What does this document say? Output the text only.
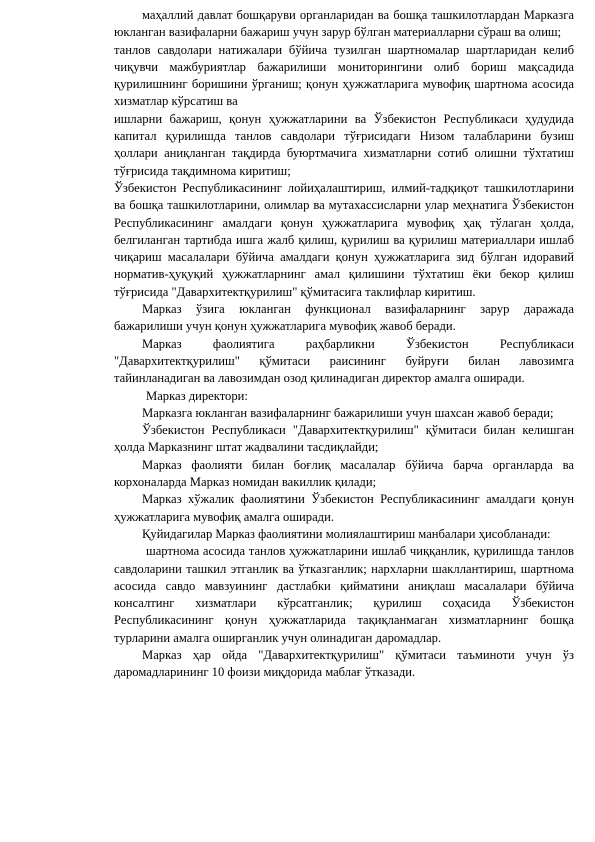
маҳаллий давлат бошқаруви органларидан ва бошқа ташкилотлардан Марказга юкланган вазифаларни бажариш учун зарур бўлган материалларни сўраш ва олиш;

танлов савдолари натижалари бўйича тузилган шартномалар шартларидан келиб чиқувчи мажбуриятлар бажарилиши мониторингини олиб бориш мақсадида қурилишнинг боришини ўрганиш; қонун ҳужжатларига мувофиқ шартнома асосида хизматлар кўрсатиш ва

ишларни бажариш, қонун ҳужжатларини ва Ўзбекистон Республикаси ҳудудида капитал қурилишда танлов савдолари тўғрисидаги Низом талабларини бузиш ҳоллари аниқланган тақдирда буюртмачига хизматларни сотиб олишни тўхтатиш тўғрисида тақдимнома киритиш;

Ўзбекистон Республикасининг лойиҳалаштириш, илмий-тадқиқот ташкилотларини ва бошқа ташкилотларини, олимлар ва мутахассисларни улар меҳнатига Ўзбекистон Республикасининг амалдаги қонун ҳужжатларига мувофиқ ҳақ тўлаган ҳолда, белгиланган тартибда ишга жалб қилиш, қурилиш ва қурилиш материаллари ишлаб чиқариш масалалари бўйича амалдаги қонун ҳужжатларига зид бўлган идоравий норматив-ҳуқуқий ҳужжатларнинг амал қилишини тўхтатиш ёки бекор қилиш тўғрисида "Давархитектқурилиш" қўмитасига таклифлар киритиш.

Марказ ўзига юкланган функционал вазифаларнинг зарур даражада бажарилиши учун қонун ҳужжатларига мувофиқ жавоб беради.

Марказ фаолиятига раҳбарликни Ўзбекистон Республикаси "Давархитектқурилиш" қўмитаси раисининг буйруғи билан лавозимга тайинланадиган ва лавозимдан озод қилинадиган директор амалга оширади.

Марказ директори:

Марказга юкланган вазифаларнинг бажарилиши учун шахсан жавоб беради;

Ўзбекистон Республикаси "Давархитектқурилиш" қўмитаси билан келишган ҳолда Марказнинг штат жадвалини тасдиқлайди;

Марказ фаолияти билан боғлиқ масалалар бўйича барча органларда ва корхоналарда Марказ номидан вакиллик қилади;

Марказ хўжалик фаолиятини Ўзбекистон Республикасининг амалдаги қонун ҳужжатларига мувофиқ амалга оширади.

Қуйидагилар Марказ фаолиятини молиялаштириш манбалари ҳисобланади:

шартнома асосида танлов ҳужжатларини ишлаб чиққанлик, қурилишда танлов савдоларини ташкил этганлик ва ўтказганлик; нархларни шакллантириш, шартнома асосида савдо мавзуининг дастлабки қийматини аниқлаш масалалари бўйича консалтинг хизматлари кўрсатганлик; қурилиш соҳасида Ўзбекистон Республикасининг қонун ҳужжатларида тақиқланмаган хизматларнинг бошқа турларини амалга оширганлик учун олинадиган даромадлар.

Марказ ҳар ойда "Давархитектқурилиш" қўмитаси таъминоти учун ўз даромадларининг 10 фоизи миқдорида маблағ ўтказади.
